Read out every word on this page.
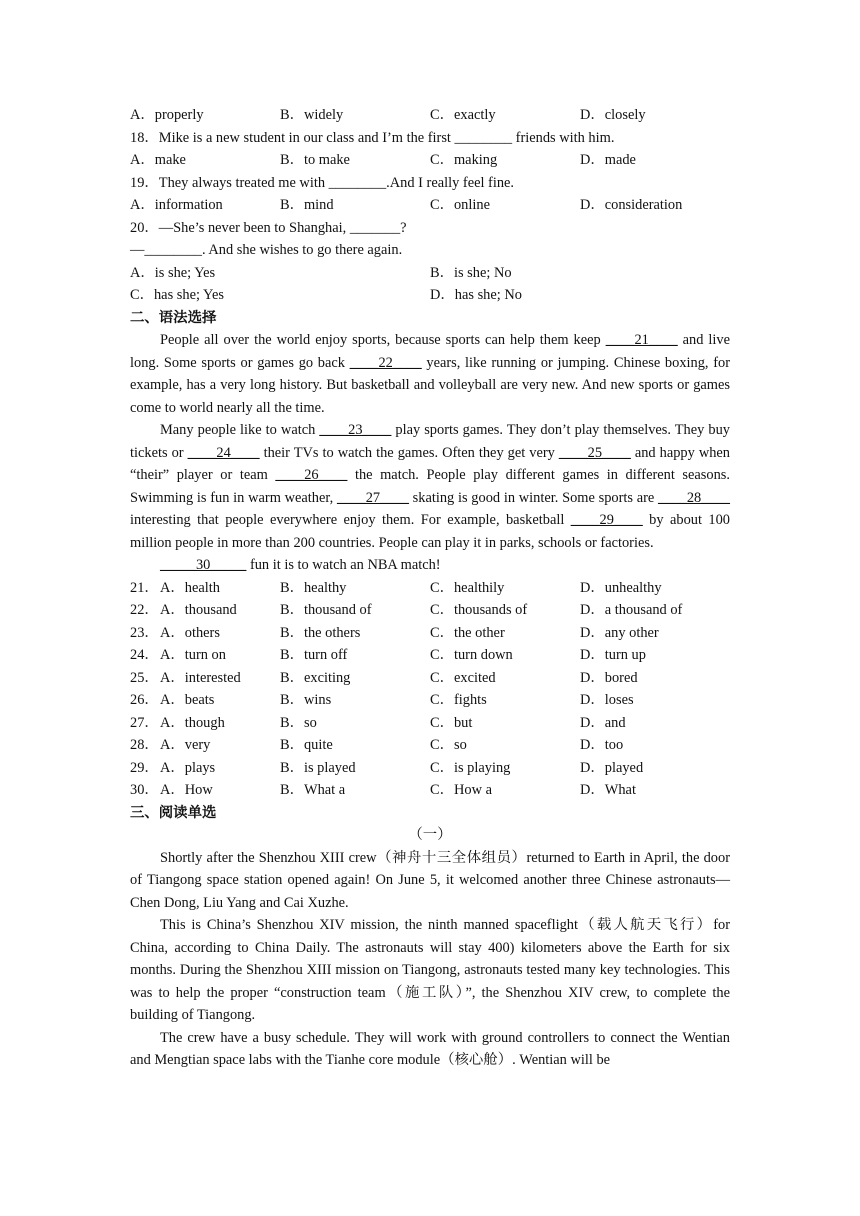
A．properly	B．widely	C．exactly	D．closely
18．Mike is a new student in our class and I’m the first ________ friends with him.
A．make	B．to make	C．making	D．made
19．They always treated me with ________.And I really feel fine.
A．information	B．mind	C．online	D．consideration
20．—She’s never been to Shanghai, _______?
—________. And she wishes to go there again.
A．is she; Yes	B．is she; No
C．has she; Yes	D．has she; No
二、语法选择

People all over the world enjoy sports, because sports can help them keep ____21____ and live long. Some sports or games go back ____22____ years, like running or jumping. Chinese boxing, for example, has a very long history. But basketball and volleyball are very new. And new sports or games come to world nearly all the time.

Many people like to watch ____23____ play sports games. They don’t play themselves. They buy tickets or ____24____ their TVs to watch the games. Often they get very ____25____ and happy when “their” player or team ____26____ the match. People play different games in different seasons. Swimming is fun in warm weather, ____27____ skating is good in winter. Some sports are ____28____ interesting that people everywhere enjoy them. For example, basketball ____29____ by about 100 million people in more than 200 countries. People can play it in parks, schools or factories.

_____30_____ fun it is to watch an NBA match!

21． A．health	B．healthy	C．healthily	D．unhealthy
22． A．thousand	B．thousand of	C．thousands of	D．a thousand of
23． A．others	B．the others	C．the other	D．any other
24． A．turn on	B．turn off	C．turn down	D．turn up
25． A．interested	B．exciting	C．excited	D．bored
26． A．beats	B．wins	C．fights	D．loses
27． A．though	B．so	C．but	D．and
28． A．very	B．quite	C．so	D．too
29． A．plays	B．is played	C．is playing	D．played
30． A．How	B．What a	C．How a	D．What
三、阅读单选
（一）

Shortly after the Shenzhou XIII crew（神舟十三全体组员）returned to Earth in April, the door of Tiangong space station opened again! On June 5, it welcomed another three Chinese astronauts—Chen Dong, Liu Yang and Cai Xuzhe.

This is China’s Shenzhou XIV mission, the ninth manned spaceflight（载人航天飞行）for China, according to China Daily. The astronauts will stay 400) kilometers above the Earth for six months. During the Shenzhou XIII mission on Tiangong, astronauts tested many key technologies. This was to help the proper “construction team（施工队）”, the Shenzhou XIV crew, to complete the building of Tiangong.

The crew have a busy schedule. They will work with ground controllers to connect the Wentian and Mengtian space labs with the Tianhe core module（核心舱）. Wentian will be
